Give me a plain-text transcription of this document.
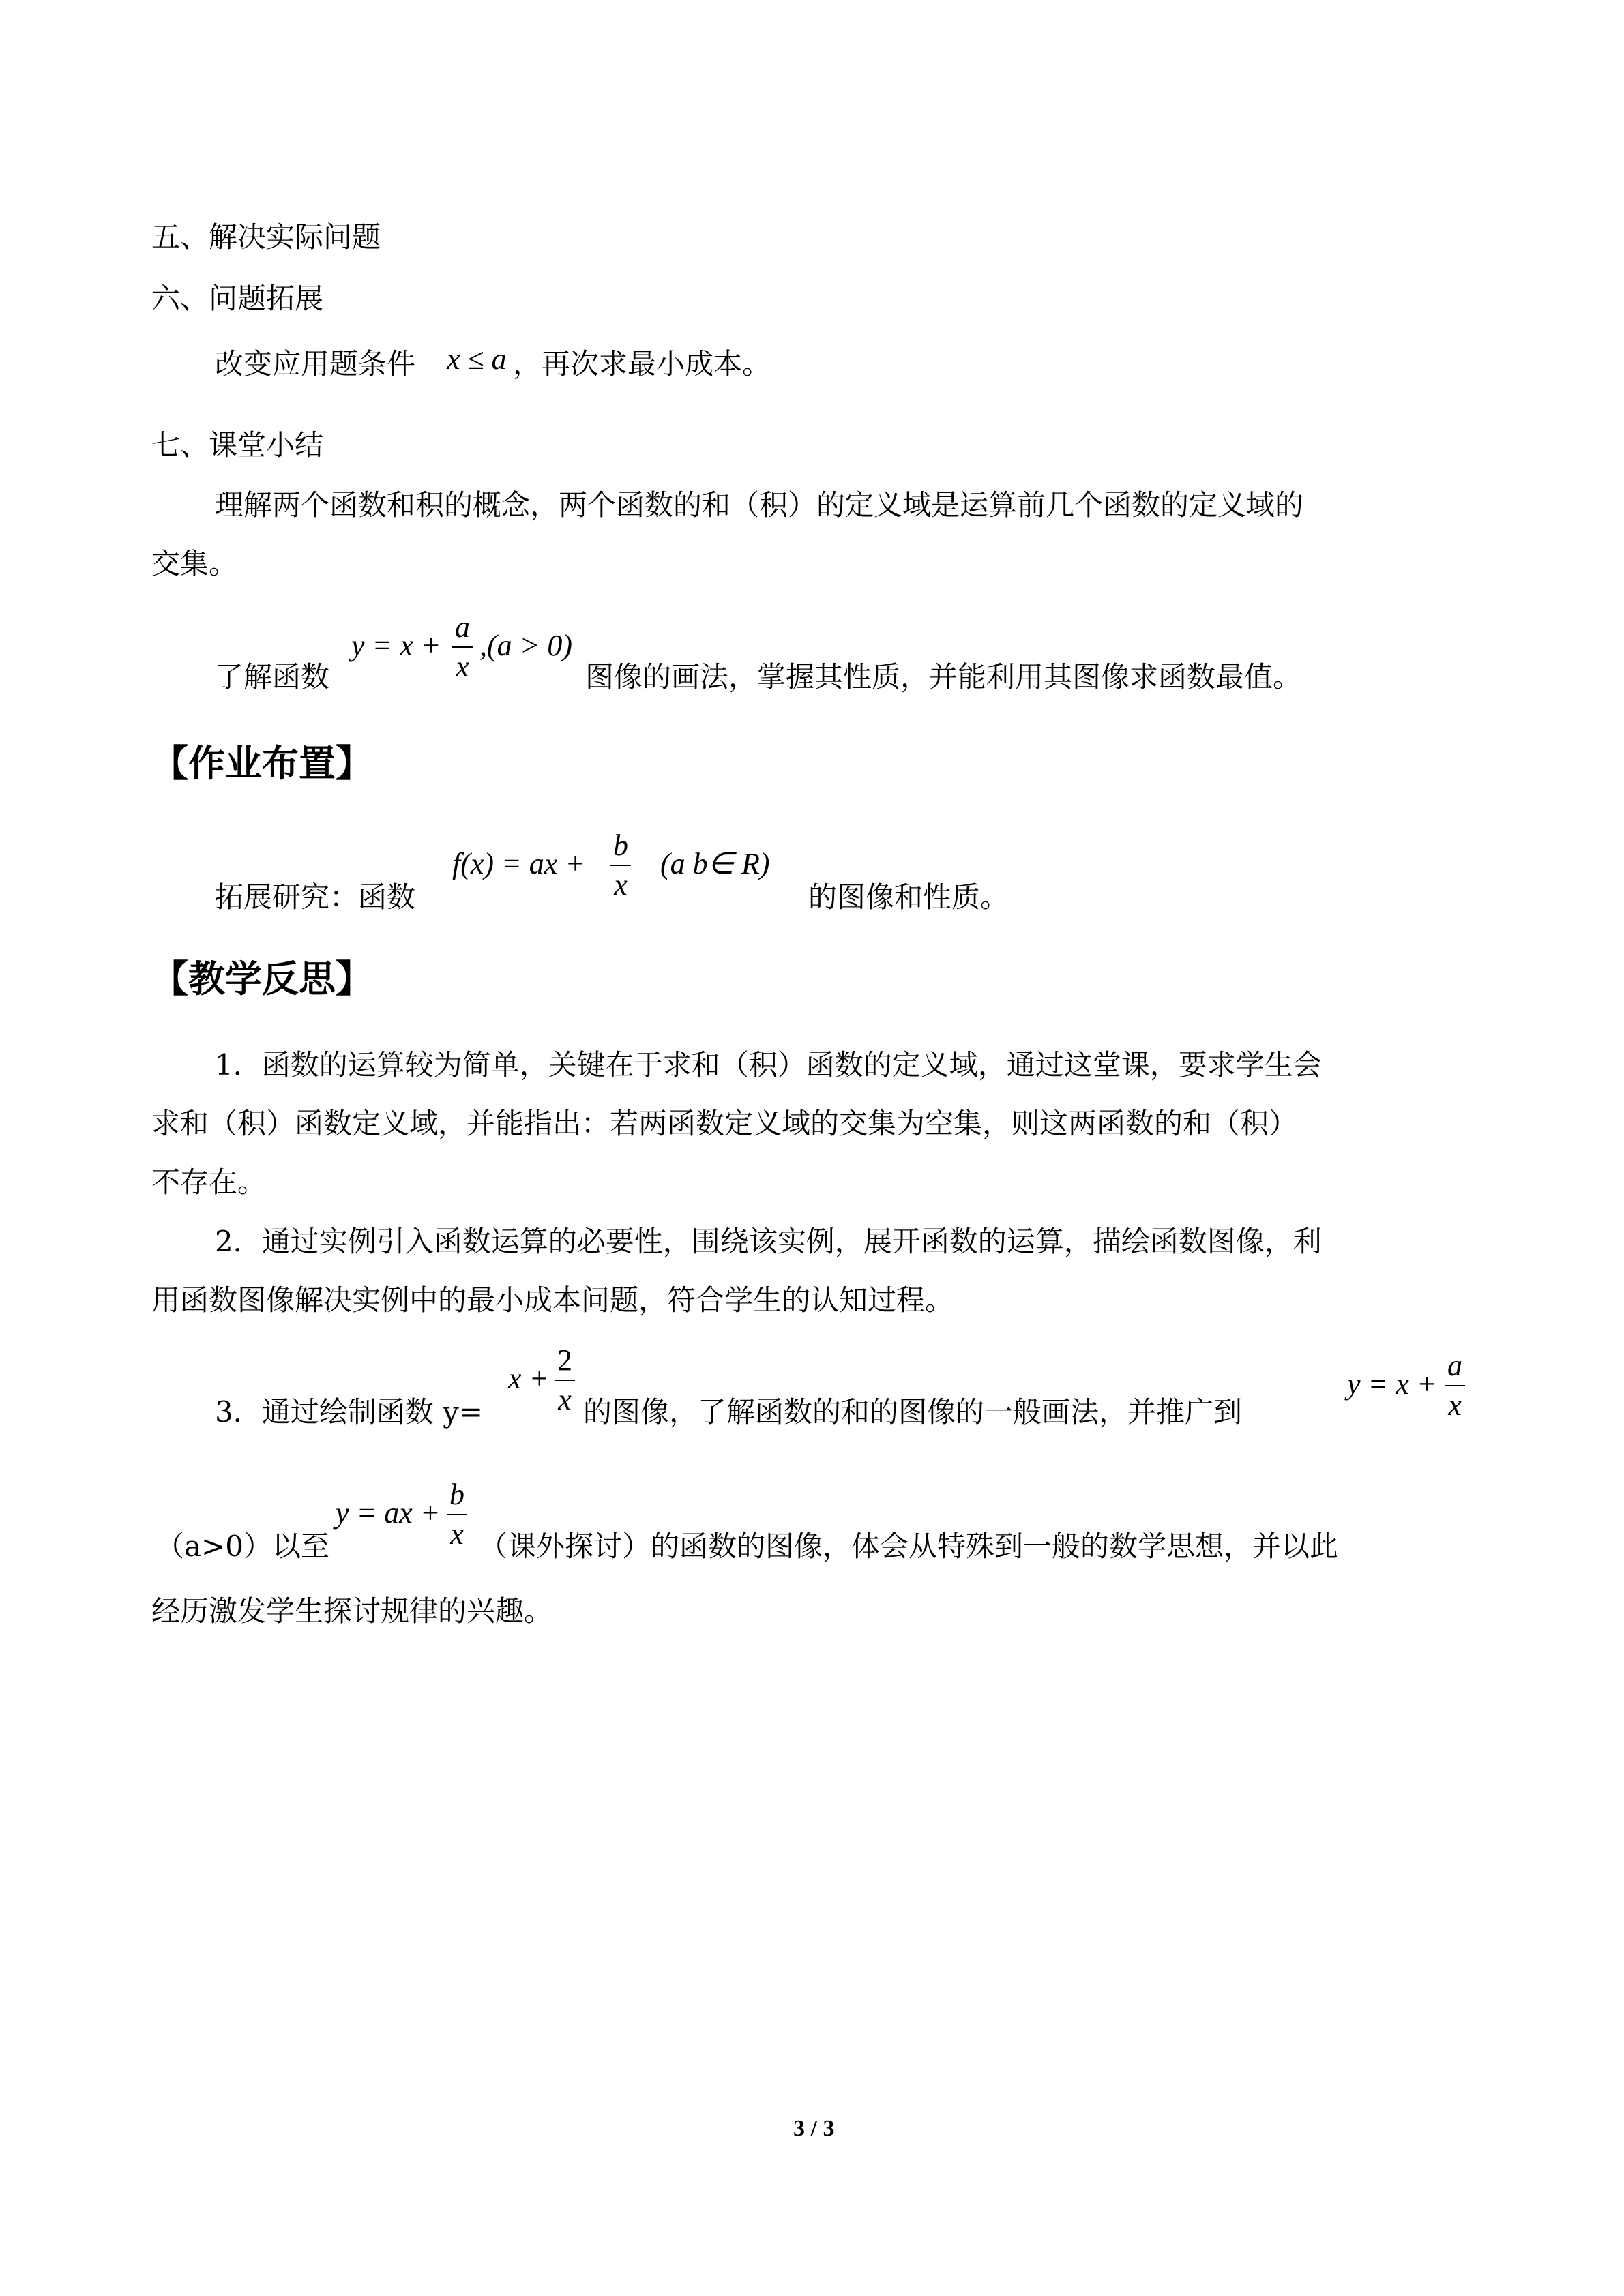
五、解决实际问题
六、问题拓展
改变应用题条件 x ≤ a ，再次求最小成本。
七、课堂小结
理解两个函数和积的概念，两个函数的和（积）的定义域是运算前几个函数的定义域的
交集。
了解函数
$y = x + \frac{a}{x} ,(a > 0)$
图像的画法，掌握其性质，并能利用其图像求函数最值。
【作业布置】
拓展研究：函数
f(x) = ax + $\frac{b}{x} (a$ b∈ R)
的图像和性质。
【教学反思】
1．函数的运算较为简单，关键在于求和（积）函数的定义域，通过这堂课，要求学生会
求和（积）函数定义域，并能指出：若两函数定义域的交集为空集，则这两函数的和（积）
不存在。
2．通过实例引入函数运算的必要性，围绕该实例，展开函数的运算，描绘函数图像，利
用函数图像解决实例中的最小成本问题，符合学生的认知过程。
3．通过绘制函数 y=
$x + \frac{2}{x}$ 的图像，了解函数的和的图像的一般画法，并推广到
$y = x + \frac{a}{x}$
（a>0）以至
y = ax + $\frac{b}{x}$ （课外探讨）的函数的图像，体会从特殊到一般的数学思想，并以此
经历激发学生探讨规律的兴趣。
3 / 3
